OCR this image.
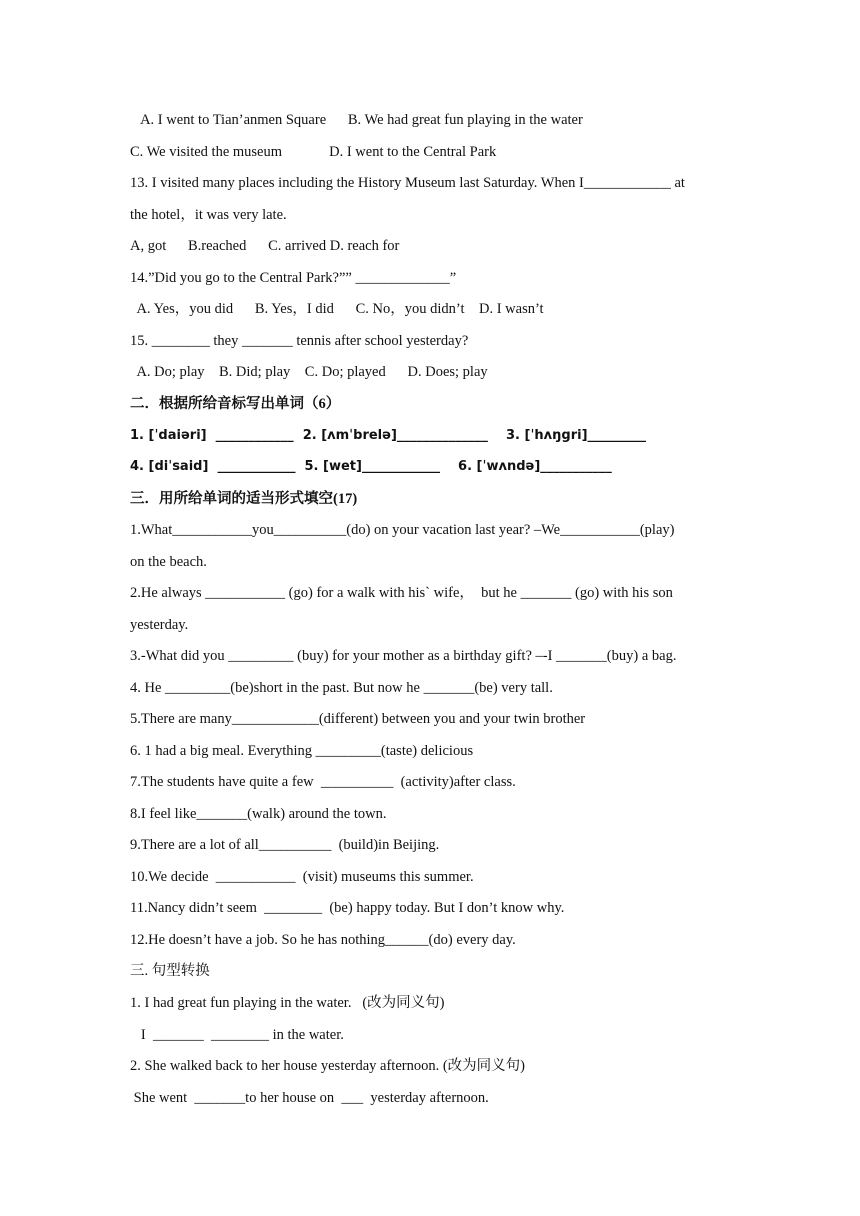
A. I went to Tian’anmen Square      B. We had great fun playing in the water
C. We visited the museum             D. I went to the Central Park
13. I visited many places including the History Museum last Saturday. When I____________ at
the hotel，it was very late.
A, got      B.reached      C. arrived D. reach for
14.”Did you go to the Central Park?”” _____________”
A. Yes，you did      B. Yes，I did      C. No，you didn’t    D. I wasn’t
15. ________ they _______ tennis after school yesterday?
A. Do; play    B. Did; play    C. Do; played      D. Does; play
二．根据所给音标写出单词（6）
1. [ˈdaiəri]  ____________  2. [ʌmˈbrelə]______________    3. [ˈhʌŋgri]_________
4. [diˈsaid]  ____________  5. [wet]____________    6. [ˈwʌndə]___________
三．用所给单词的适当形式填空(17)
1.What___________you__________(do) on your vacation last year? –We___________(play)
on the beach.
2.He always ___________ (go) for a walk with his` wife，  but he _______ (go) with his son
yesterday.
3.-What did you _________ (buy) for your mother as a birthday gift? –-I _______(buy) a bag.
4. He _________(be)short in the past. But now he _______(be) very tall.
5.There are many____________(different) between you and your twin brother
6. 1 had a big meal. Everything _________(taste) delicious
7.The students have quite a few  __________  (activity)after class.
8.I feel like_______(walk) around the town.
9.There are a lot of all__________  (build)in Beijing.
10.We decide  ___________  (visit) museums this summer.
11.Nancy didn’t seem  ________  (be) happy today. But I don’t know why.
12.He doesn’t have a job. So he has nothing______(do) every day.
三. 句型转换
1. I had great fun playing in the water.   (改为同义句)
I  _______  ________ in the water.
2. She walked back to her house yesterday afternoon. (改为同义句)
She went  _______to her house on  ___  yesterday afternoon.
